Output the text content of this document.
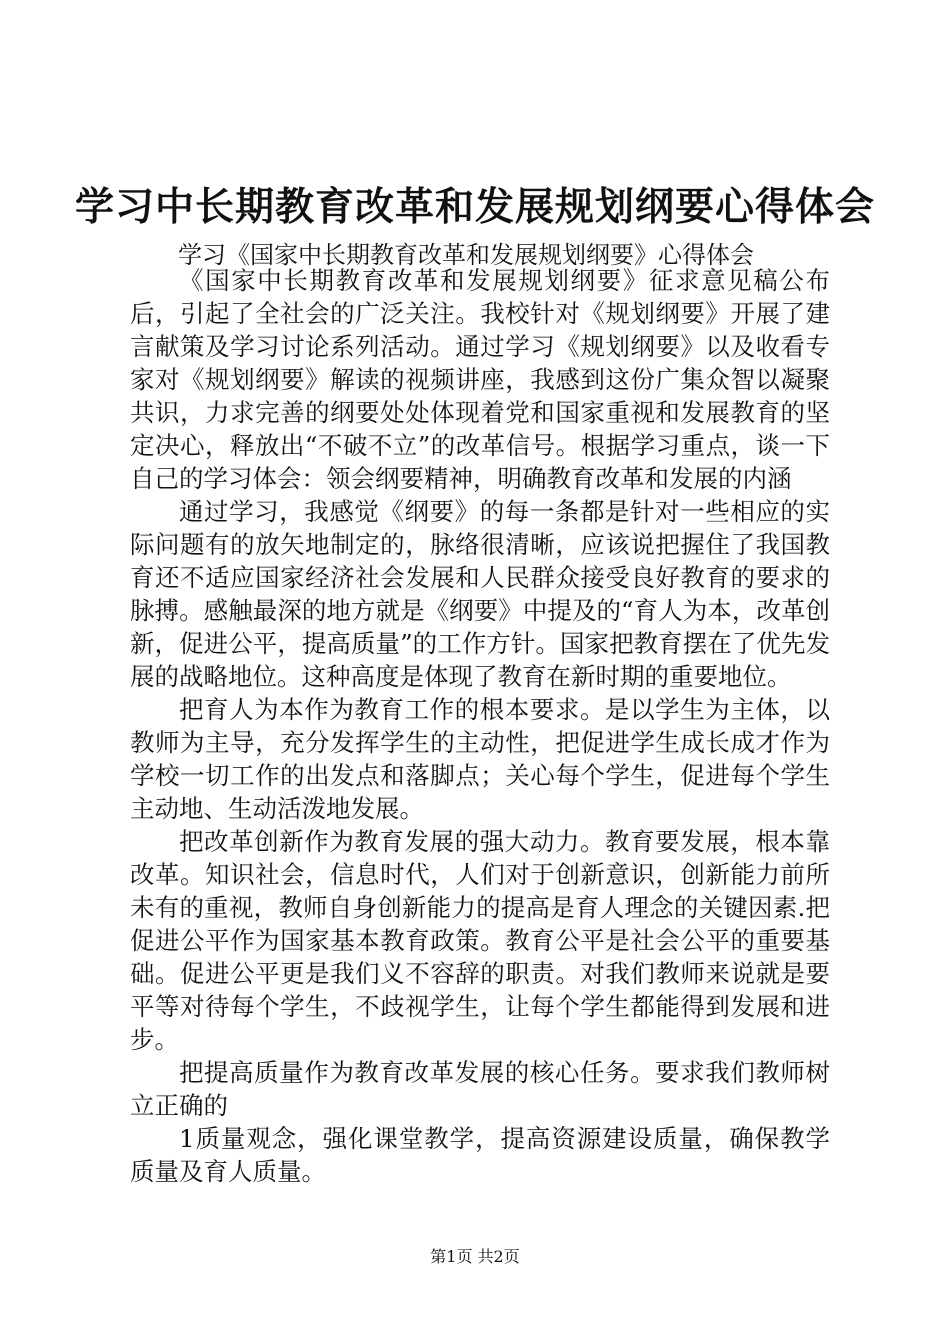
学习中长期教育改革和发展规划纲要心得体会
学习《国家中长期教育改革和发展规划纲要》心得体会

《国家中长期教育改革和发展规划纲要》征求意见稿公布后，引起了全社会的广泛关注。我校针对《规划纲要》开展了建言献策及学习讨论系列活动。通过学习《规划纲要》以及收看专家对《规划纲要》解读的视频讲座，我感到这份广集众智以凝聚共识，力求完善的纲要处处体现着党和国家重视和发展教育的坚定决心，释放出“不破不立”的改革信号。根据学习重点，谈一下自己的学习体会：领会纲要精神，明确教育改革和发展的内涵

通过学习，我感觉《纲要》的每一条都是针对一些相应的实际问题有的放矢地制定的，脉络很清晰，应该说把握住了我国教育还不适应国家经济社会发展和人民群众接受良好教育的要求的脉搏。感触最深的地方就是《纲要》中提及的“育人为本，改革创新，促进公平，提高质量”的工作方针。国家把教育摆在了优先发展的战略地位。这种高度是体现了教育在新时期的重要地位。

把育人为本作为教育工作的根本要求。是以学生为主体，以教师为主导，充分发挥学生的主动性，把促进学生成长成才作为学校一切工作的出发点和落脚点；关心每个学生，促进每个学生主动地、生动活泼地发展。

把改革创新作为教育发展的强大动力。教育要发展，根本靠改革。知识社会，信息时代，人们对于创新意识，创新能力前所未有的重视，教师自身创新能力的提高是育人理念的关键因素.把促进公平作为国家基本教育政策。教育公平是社会公平的重要基础。促进公平更是我们义不容辞的职责。对我们教师来说就是要平等对待每个学生，不歧视学生，让每个学生都能得到发展和进步。

把提高质量作为教育改革发展的核心任务。要求我们教师树立正确的

1质量观念，强化课堂教学，提高资源建设质量，确保教学质量及育人质量。

第1页 共2页
